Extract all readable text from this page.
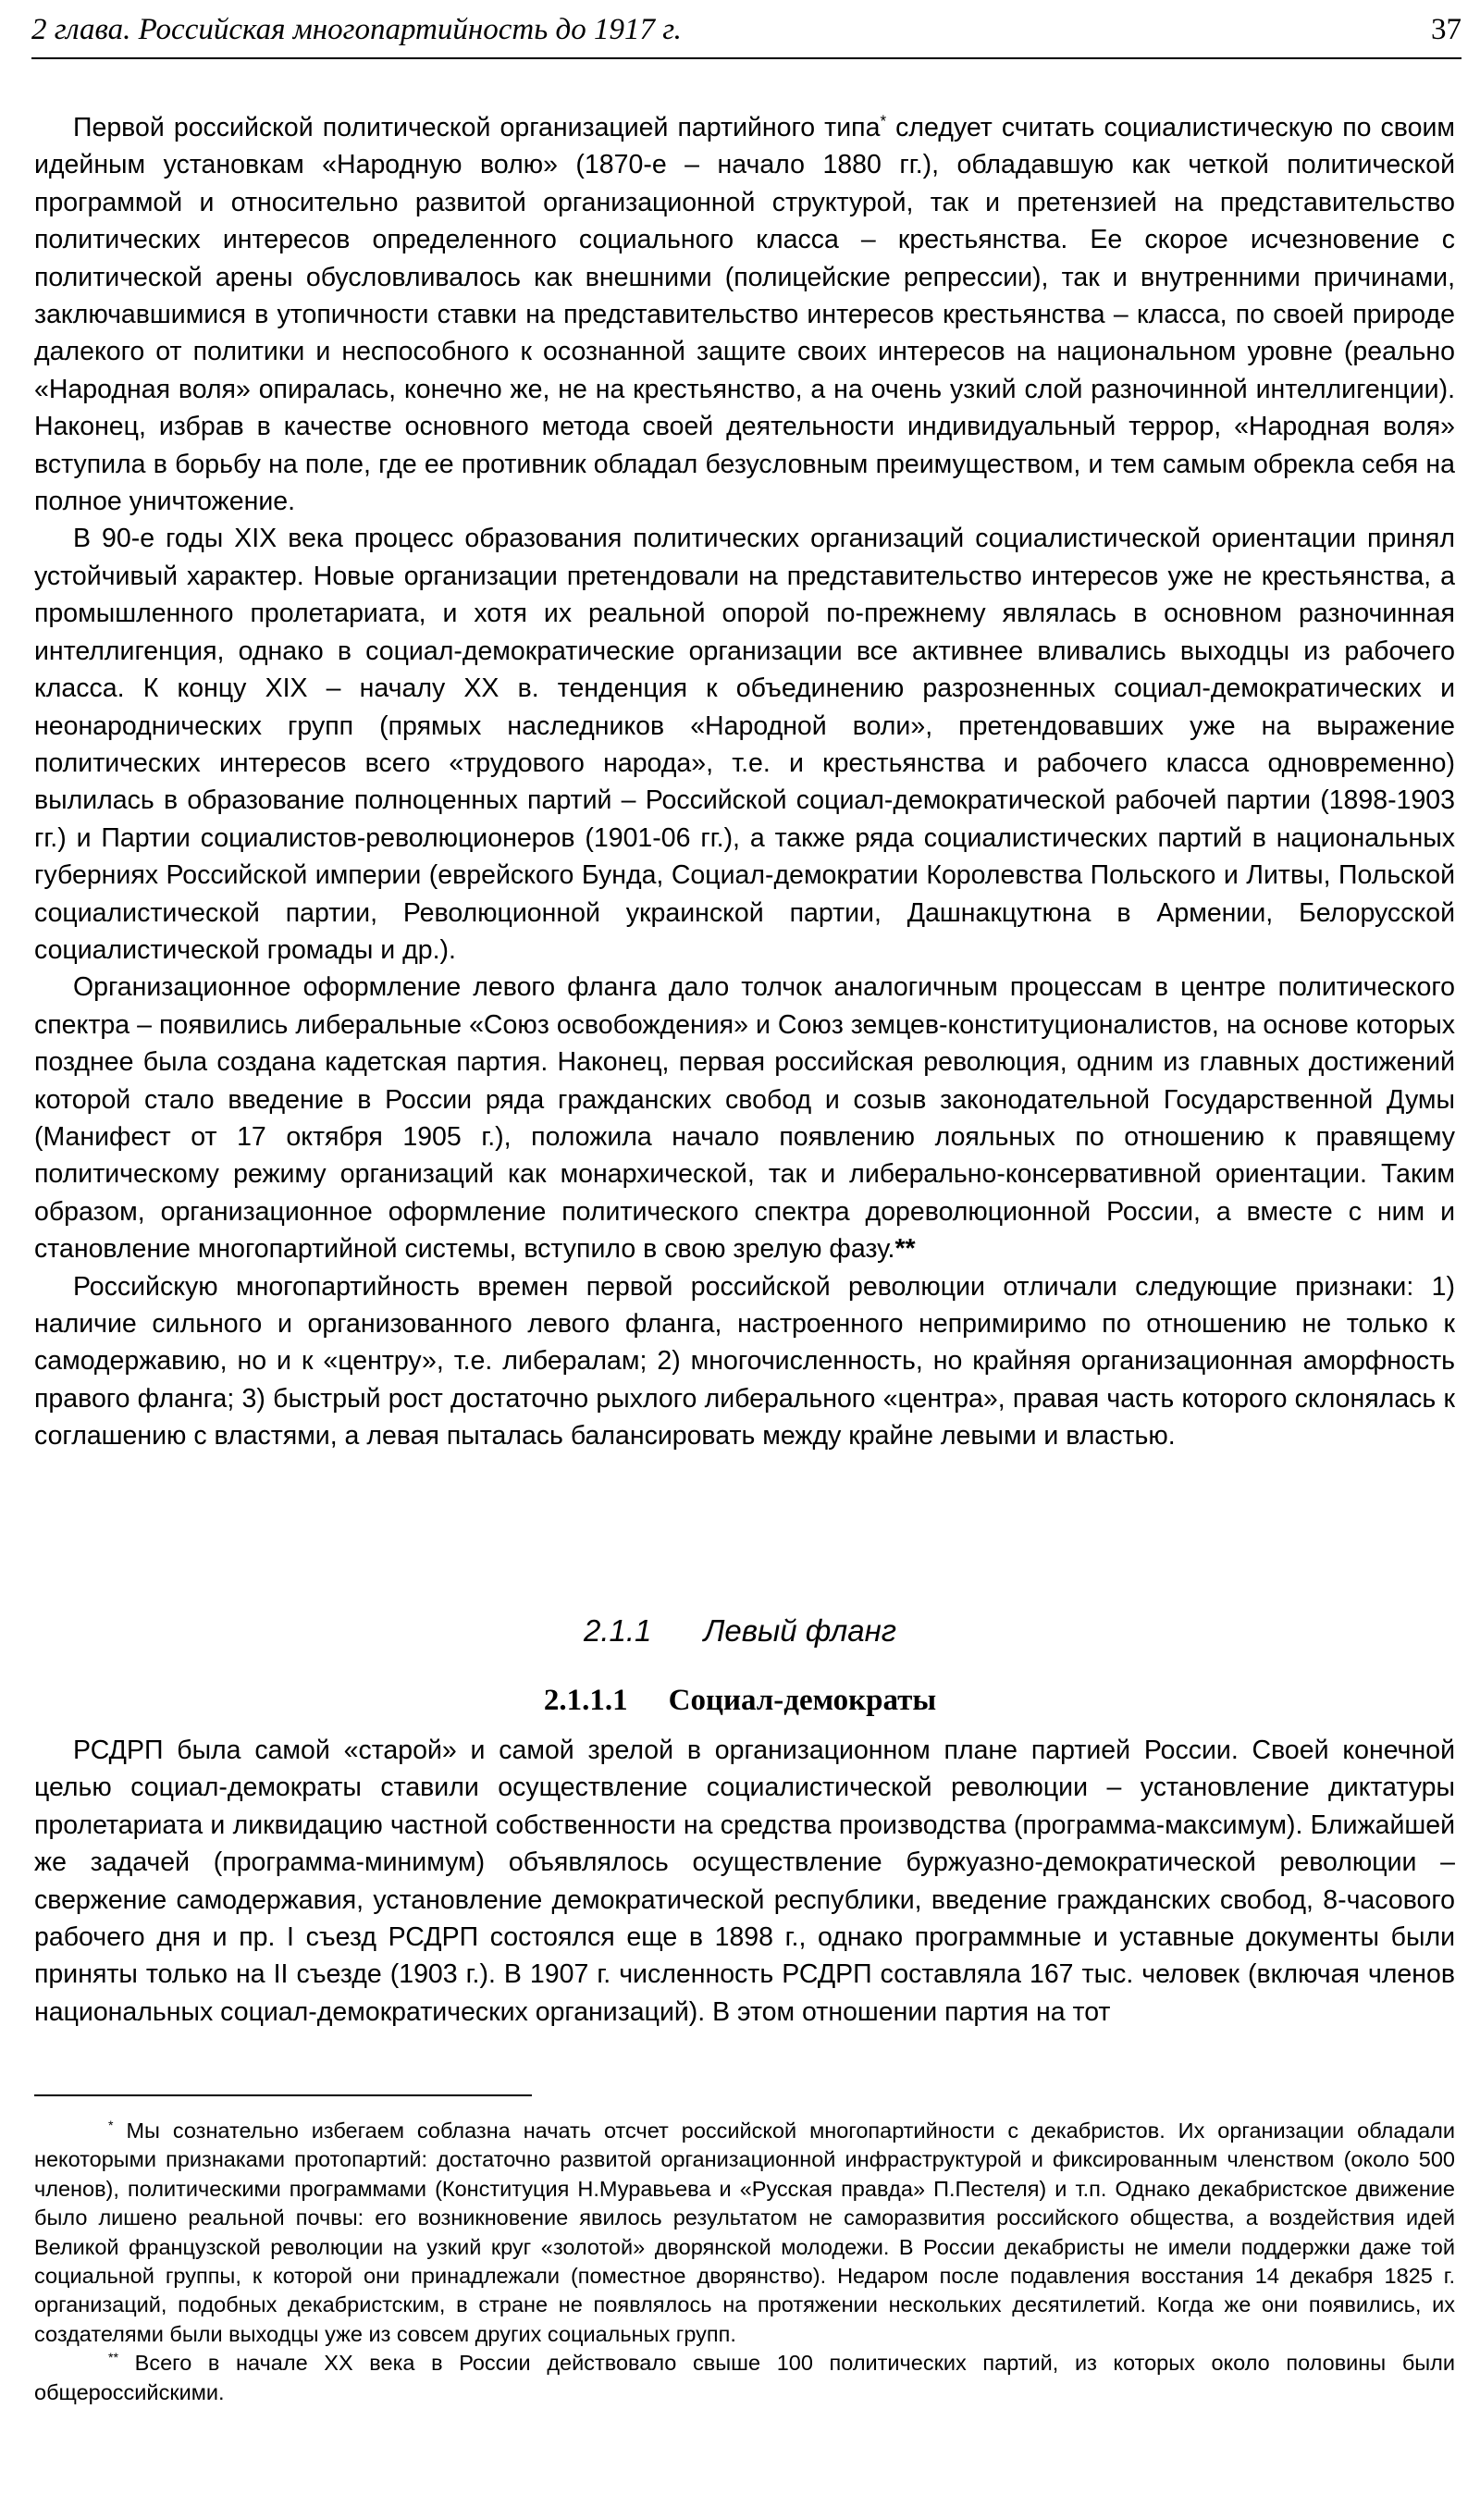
2 глава. Российская многопартийность до 1917 г.	37

Первой российской политической организацией партийного типа* следует считать социалистическую по своим идейным установкам «Народную волю» (1870-е – начало 1880 гг.), обладавшую как четкой политической программой и относительно развитой организационной структурой, так и претензией на представительство политических интересов определенного социального класса – крестьянства. Ее скорое исчезновение с политической арены обусловливалось как внешними (полицейские репрессии), так и внутренними причинами, заключавшимися в утопичности ставки на представительство интересов крестьянства – класса, по своей природе далекого от политики и неспособного к осознанной защите своих интересов на национальном уровне (реально «Народная воля» опиралась, конечно же, не на крестьянство, а на очень узкий слой разночинной интеллигенции). Наконец, избрав в качестве основного метода своей деятельности индивидуальный террор, «Народная воля» вступила в борьбу на поле, где ее противник обладал безусловным преимуществом, и тем самым обрекла себя на полное уничтожение.

В 90-е годы XIX века процесс образования политических организаций социалистической ориентации принял устойчивый характер. Новые организации претендовали на представительство интересов уже не крестьянства, а промышленного пролетариата, и хотя их реальной опорой по-прежнему являлась в основном разночинная интеллигенция, однако в социал-демократические организации все активнее вливались выходцы из рабочего класса. К концу XIX – началу XX в. тенденция к объединению разрозненных социал-демократических и неонароднических групп (прямых наследников «Народной воли», претендовавших уже на выражение политических интересов всего «трудового народа», т.е. и крестьянства и рабочего класса одновременно) вылилась в образование полноценных партий – Российской социал-демократической рабочей партии (1898-1903 гг.) и Партии социалистов-революционеров (1901-06 гг.), а также ряда социалистических партий в национальных губерниях Российской империи (еврейского Бунда, Социал-демократии Королевства Польского и Литвы, Польской социалистической партии, Революционной украинской партии, Дашнакцутюна в Армении, Белорусской социалистической громады и др.).

Организационное оформление левого фланга дало толчок аналогичным процессам в центре политического спектра – появились либеральные «Союз освобождения» и Союз земцев-конституционалистов, на основе которых позднее была создана кадетская партия. Наконец, первая российская революция, одним из главных достижений которой стало введение в России ряда гражданских свобод и созыв законодательной Государственной Думы (Манифест от 17 октября 1905 г.), положила начало появлению лояльных по отношению к правящему политическому режиму организаций как монархической, так и либерально-консервативной ориентации. Таким образом, организационное оформление политического спектра дореволюционной России, а вместе с ним и становление многопартийной системы, вступило в свою зрелую фазу.**

Российскую многопартийность времен первой российской революции отличали следующие признаки: 1) наличие сильного и организованного левого фланга, настроенного непримиримо по отношению не только к самодержавию, но и к «центру», т.е. либералам; 2) многочисленность, но крайняя организационная аморфность правого фланга; 3) быстрый рост достаточно рыхлого либерального «центра», правая часть которого склонялась к соглашению с властями, а левая пыталась балансировать между крайне левыми и властью.

2.1.1 Левый фланг
2.1.1.1 Социал-демократы

РСДРП была самой «старой» и самой зрелой в организационном плане партией России. Своей конечной целью социал-демократы ставили осуществление социалистической революции – установление диктатуры пролетариата и ликвидацию частной собственности на средства производства (программа-максимум). Ближайшей же задачей (программа-минимум) объявлялось осуществление буржуазно-демократической революции – свержение самодержавия, установление демократической республики, введение гражданских свобод, 8-часового рабочего дня и пр. I съезд РСДРП состоялся еще в 1898 г., однако программные и уставные документы были приняты только на II съезде (1903 г.). В 1907 г. численность РСДРП составляла 167 тыс. человек (включая членов национальных социал-демократических организаций). В этом отношении партия на тот

* Мы сознательно избегаем соблазна начать отсчет российской многопартийности с декабристов. Их организации обладали некоторыми признаками протопартий: достаточно развитой организационной инфраструктурой и фиксированным членством (около 500 членов), политическими программами (Конституция Н.Муравьева и «Русская правда» П.Пестеля) и т.п. Однако декабристское движение было лишено реальной почвы: его возникновение явилось результатом не саморазвития российского общества, а воздействия идей Великой французской революции на узкий круг «золотой» дворянской молодежи. В России декабристы не имели поддержки даже той социальной группы, к которой они принадлежали (поместное дворянство). Недаром после подавления восстания 14 декабря 1825 г. организаций, подобных декабристским, в стране не появлялось на протяжении нескольких десятилетий. Когда же они появились, их создателями были выходцы уже из совсем других социальных групп.

** Всего в начале XX века в России действовало свыше 100 политических партий, из которых около половины были общероссийскими.
